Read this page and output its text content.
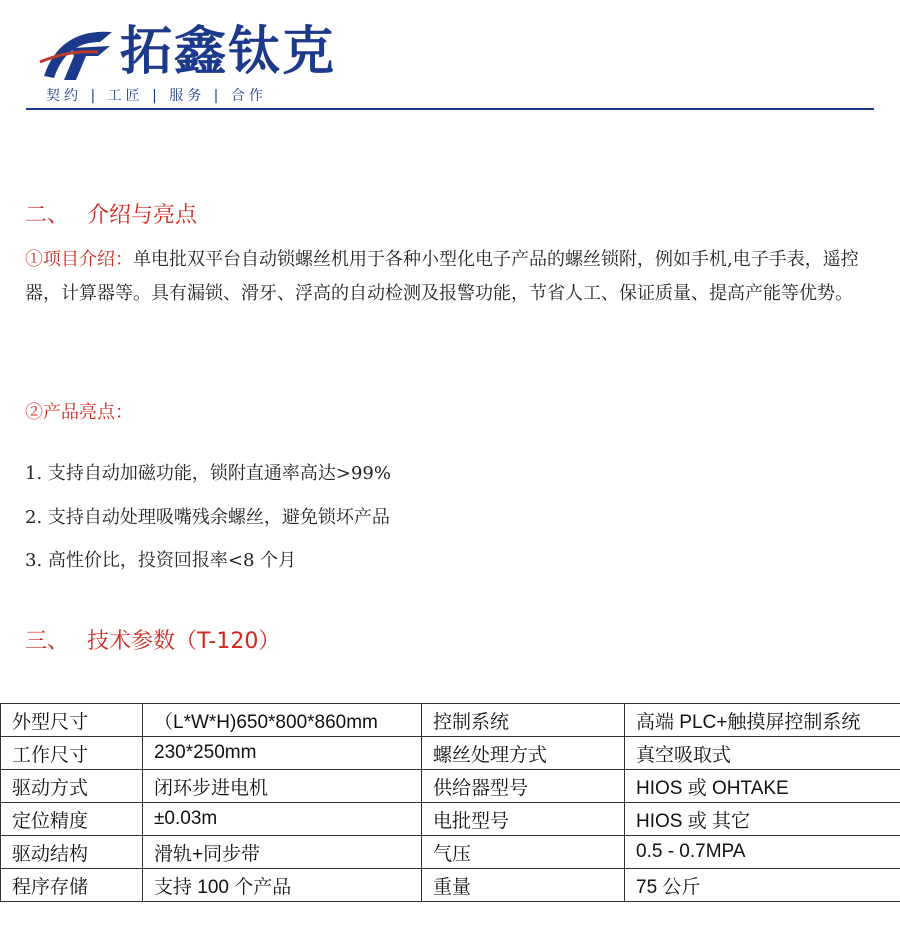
拓鑫钛克
契约 | 工匠 | 服务 | 合作
二、 介绍与亮点
①项目介绍：单电批双平台自动锁螺丝机用于各种小型化电子产品的螺丝锁附，例如手机,电子手表，遥控器，计算器等。具有漏锁、滑牙、浮高的自动检测及报警功能，节省人工、保证质量、提高产能等优势。
②产品亮点：
1. 支持自动加磁功能，锁附直通率高达>99%
2. 支持自动处理吸嘴残余螺丝，避免锁坏产品
3. 高性价比，投资回报率<8 个月
三、 技术参数（T-120）
外型尺寸	（L*W*H)650*800*860mm	控制系统	高端 PLC+触摸屏控制系统
工作尺寸	230*250mm	螺丝处理方式	真空吸取式
驱动方式	闭环步进电机	供给器型号	HIOS 或 OHTAKE
定位精度	±0.03m	电批型号	HIOS 或 其它
驱动结构	滑轨+同步带	气压	0.5 - 0.7MPA
程序存储	支持 100 个产品	重量	75 公斤
